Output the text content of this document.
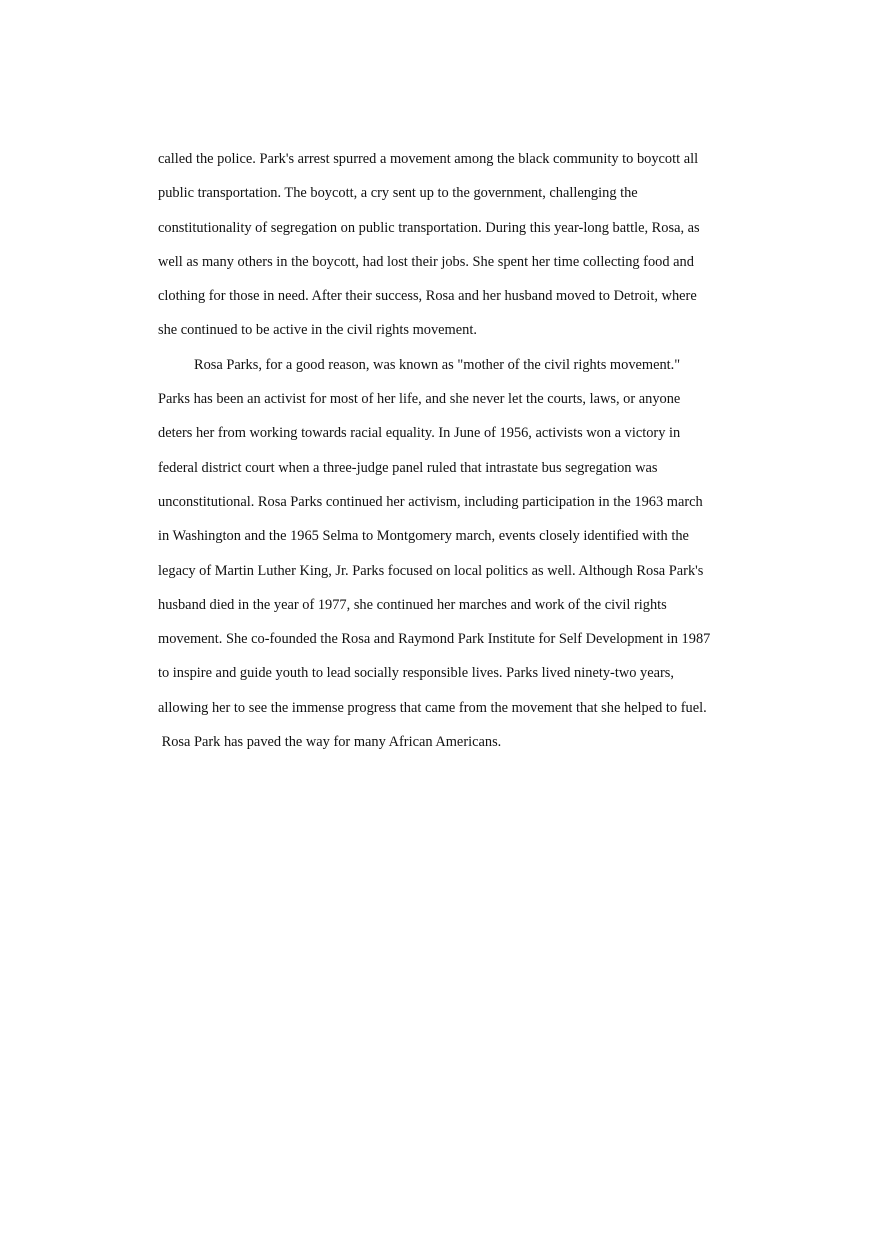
called the police. Park's arrest spurred a movement among the black community to boycott all
public transportation. The boycott, a cry sent up to the government, challenging the
constitutionality of segregation on public transportation. During this year-long battle, Rosa, as
well as many others in the boycott, had lost their jobs. She spent her time collecting food and
clothing for those in need. After their success, Rosa and her husband moved to Detroit, where
she continued to be active in the civil rights movement.
Rosa Parks, for a good reason, was known as "mother of the civil rights movement."
Parks has been an activist for most of her life, and she never let the courts, laws, or anyone
deters her from working towards racial equality. In June of 1956, activists won a victory in
federal district court when a three-judge panel ruled that intrastate bus segregation was
unconstitutional. Rosa Parks continued her activism, including participation in the 1963 march
in Washington and the 1965 Selma to Montgomery march, events closely identified with the
legacy of Martin Luther King, Jr. Parks focused on local politics as well. Although Rosa Park's
husband died in the year of 1977, she continued her marches and work of the civil rights
movement. She co-founded the Rosa and Raymond Park Institute for Self Development in 1987
to inspire and guide youth to lead socially responsible lives. Parks lived ninety-two years,
allowing her to see the immense progress that came from the movement that she helped to fuel.
Rosa Park has paved the way for many African Americans.
